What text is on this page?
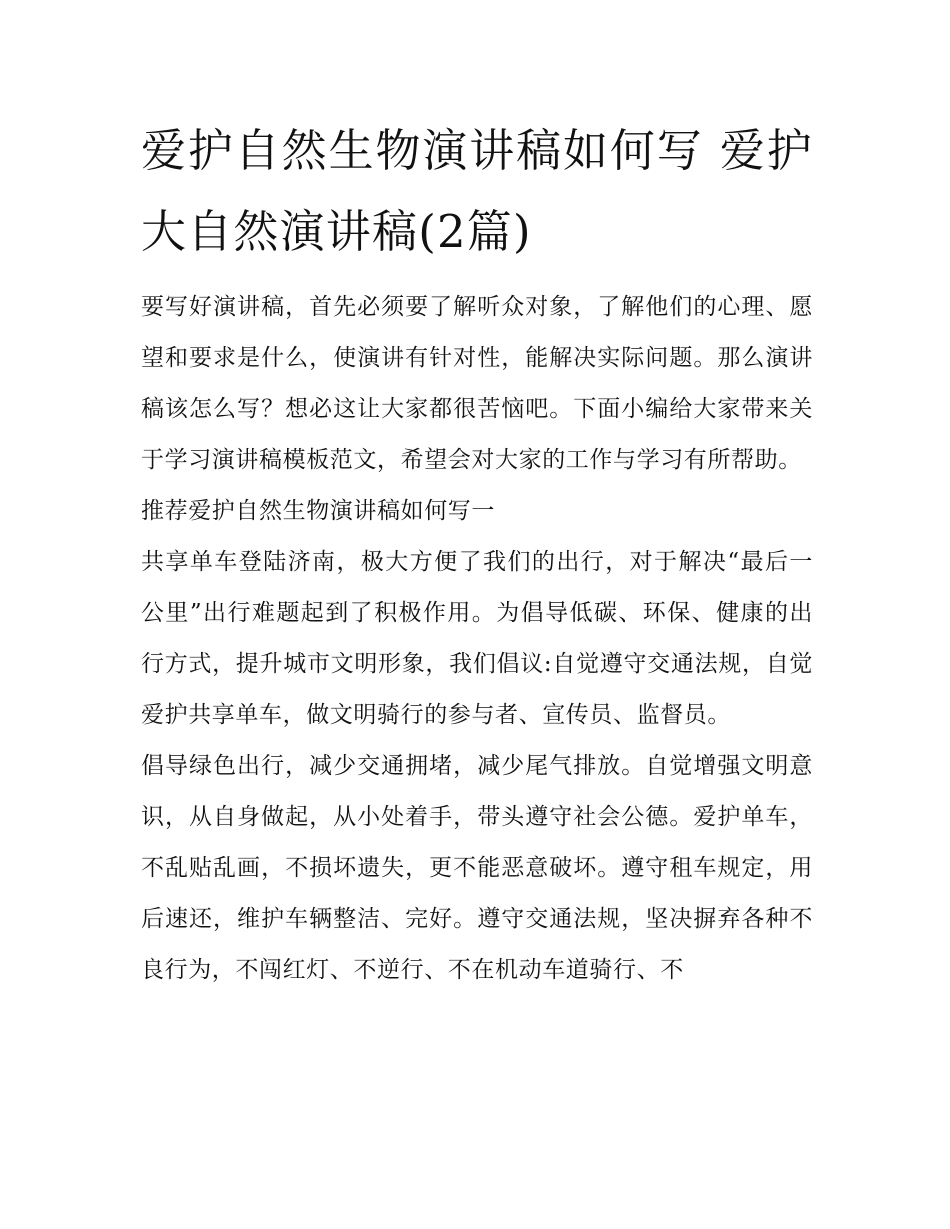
爱护自然生物演讲稿如何写 爱护大自然演讲稿(2篇)

要写好演讲稿，首先必须要了解听众对象，了解他们的心理、愿望和要求是什么，使演讲有针对性，能解决实际问题。那么演讲稿该怎么写？想必这让大家都很苦恼吧。下面小编给大家带来关于学习演讲稿模板范文，希望会对大家的工作与学习有所帮助。

推荐爱护自然生物演讲稿如何写一

共享单车登陆济南，极大方便了我们的出行，对于解决“最后一公里”出行难题起到了积极作用。为倡导低碳、环保、健康的出行方式，提升城市文明形象，我们倡议:自觉遵守交通法规，自觉爱护共享单车，做文明骑行的参与者、宣传员、监督员。

倡导绿色出行，减少交通拥堵，减少尾气排放。自觉增强文明意识，从自身做起，从小处着手，带头遵守社会公德。爱护单车，不乱贴乱画，不损坏遗失，更不能恶意破坏。遵守租车规定，用后速还，维护车辆整洁、完好。遵守交通法规，坚决摒弃各种不良行为，不闯红灯、不逆行、不在机动车道骑行、不
